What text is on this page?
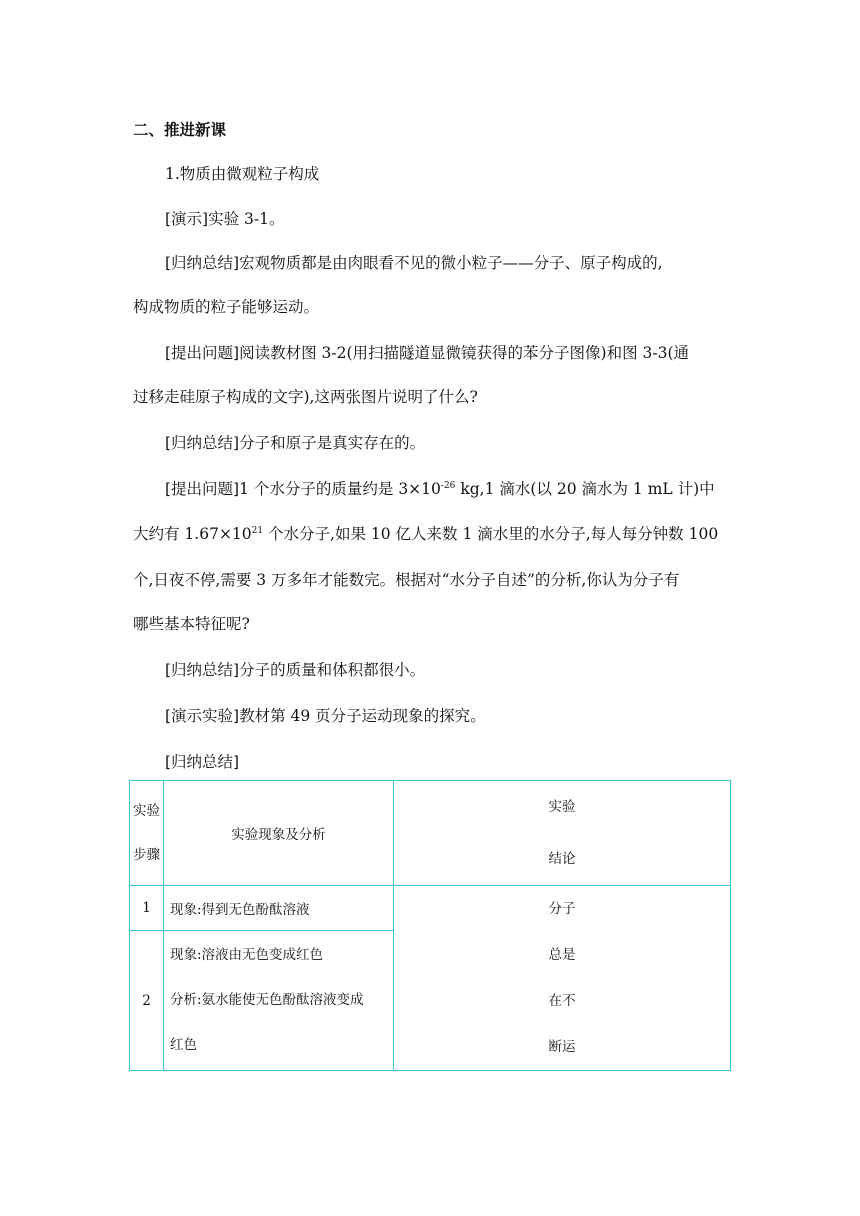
二、推进新课
1.物质由微观粒子构成
[演示]实验 3-1。
[归纳总结]宏观物质都是由肉眼看不见的微小粒子——分子、原子构成的,
构成物质的粒子能够运动。
[提出问题]阅读教材图 3-2(用扫描隧道显微镜获得的苯分子图像)和图 3-3(通
过移走硅原子构成的文字),这两张图片说明了什么?
[归纳总结]分子和原子是真实存在的。
[提出问题]1 个水分子的质量约是 $3\times 10^{-26}$ kg,1 滴水(以 20 滴水为 1 mL 计)中
大约有 $1.67\times 10^{21}$ 个水分子,如果 10 亿人来数 1 滴水里的水分子,每人每分钟数 100
个,日夜不停,需要 3 万多年才能数完。根据对“水分子自述”的分析,你认为分子有
哪些基本特征呢?
[归纳总结]分子的质量和体积都很小。
[演示实验]教材第 49 页分子运动现象的探究。
[归纳总结]
实验
步骤	实验现象及分析	实验
结论

1	现象:得到无色酚酞溶液	分子
总是
在不
断运

2	现象:溶液由无色变成红色
分析:氨水能使无色酚酞溶液变成
红色	
